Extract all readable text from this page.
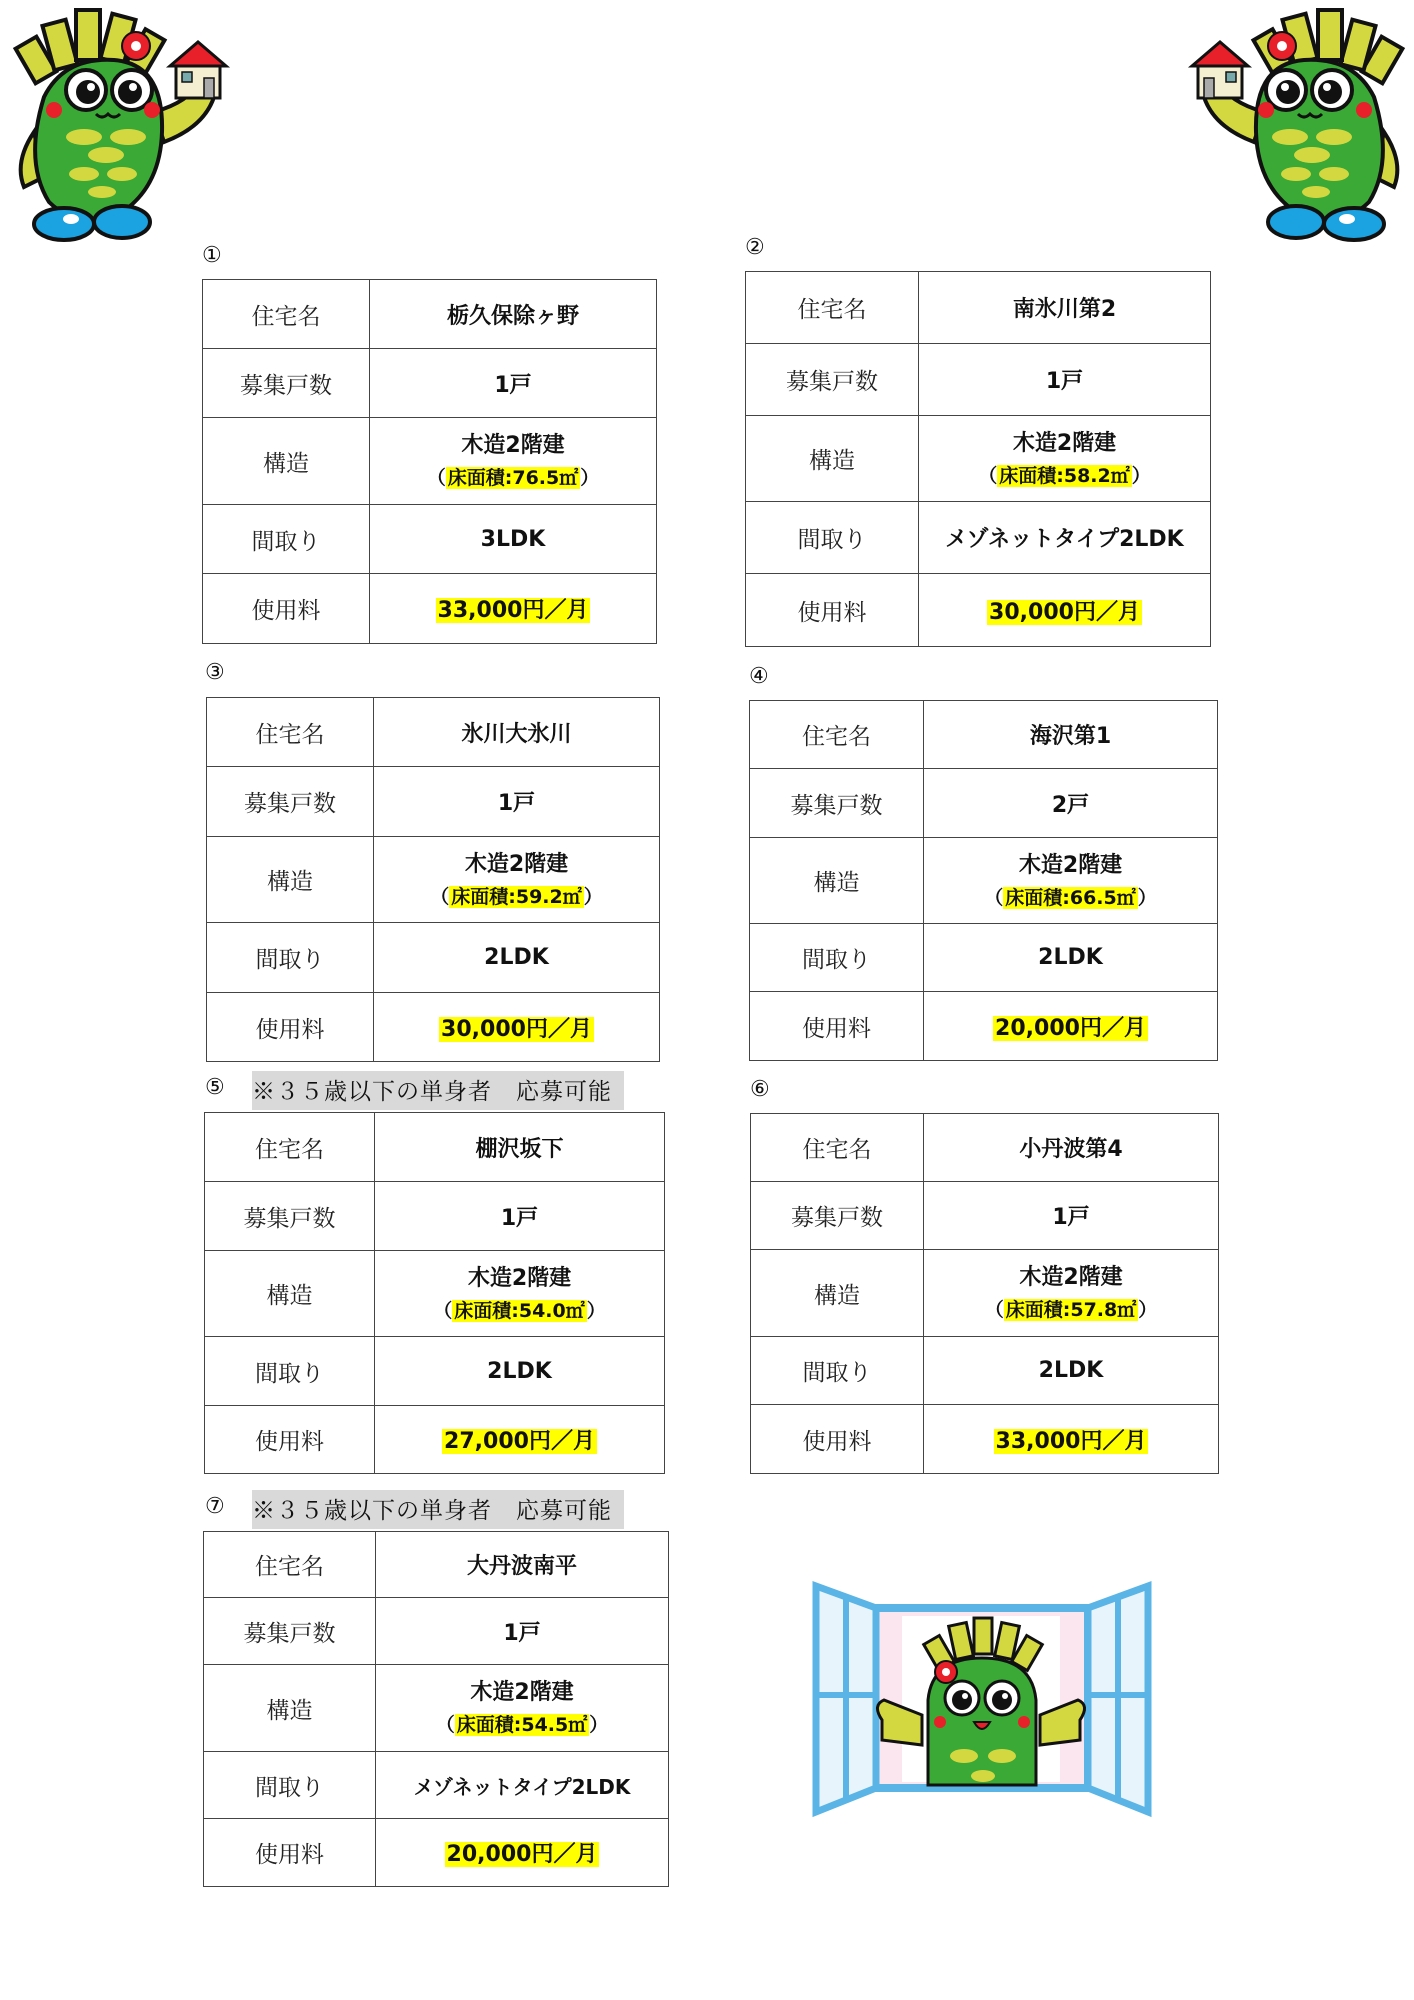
①
住宅名	栃久保除ヶ野
募集戸数	1戸
構造	木造2階建
（ 床面積:76.5㎡ ）

間取り	3LDK
使用料	33,000円／月
②
住宅名	南氷川第2
募集戸数	1戸
構造	木造2階建
（ 床面積:58.2㎡ ）

間取り	メゾネットタイプ2LDK
使用料	30,000円／月
③
住宅名	氷川大氷川
募集戸数	1戸
構造	木造2階建
（ 床面積:59.2㎡ ）

間取り	2LDK
使用料	30,000円／月
④
住宅名	海沢第1
募集戸数	2戸
構造	木造2階建
（ 床面積:66.5㎡ ）

間取り	2LDK
使用料	20,000円／月
⑤ ※３５歳以下の単身者　応募可能
住宅名	棚沢坂下
募集戸数	1戸
構造	木造2階建
（ 床面積:54.0㎡ ）

間取り	2LDK
使用料	27,000円／月
⑥
住宅名	小丹波第4
募集戸数	1戸
構造	木造2階建
（ 床面積:57.8㎡ ）

間取り	2LDK
使用料	33,000円／月
⑦ ※３５歳以下の単身者　応募可能
住宅名	大丹波南平
募集戸数	1戸
構造	木造2階建
（ 床面積:54.5㎡ ）

間取り	メゾネットタイプ2LDK
使用料	20,000円／月
